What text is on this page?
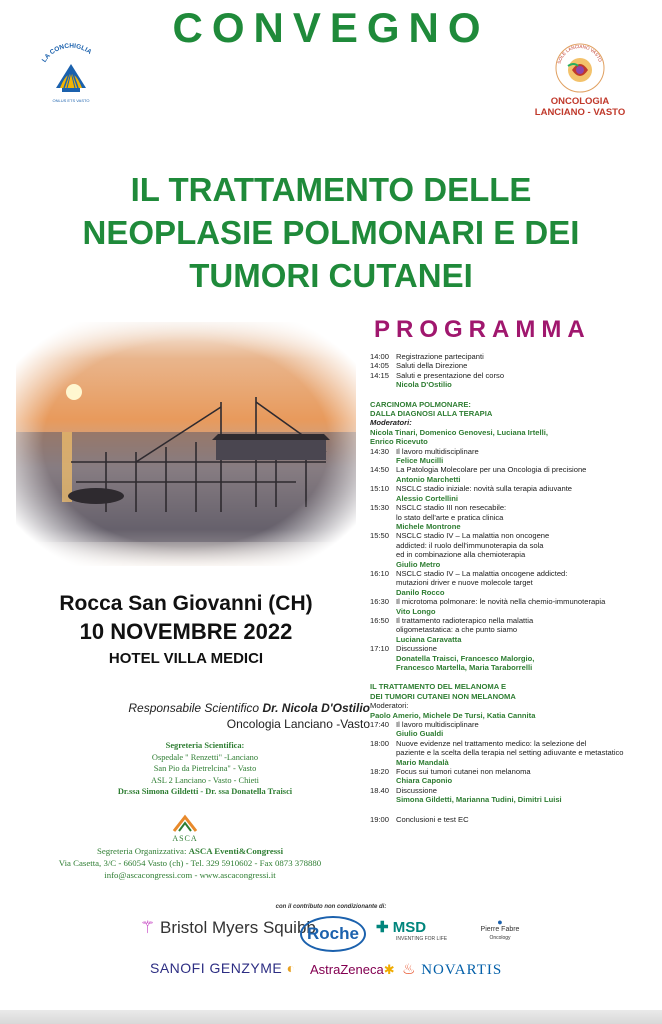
CONVEGNO
LA CONCHIGLIA
ONLUS ETS VASTO
SOLE LANCIANO VASTO
ONCOLOGIA
LANCIANO - VASTO
IL TRATTAMENTO DELLE
NEOPLASIE POLMONARI E DEI
TUMORI CUTANEI
Rocca San Giovanni (CH)
10 NOVEMBRE 2022
HOTEL VILLA MEDICI
Responsabile Scientifico Dr. Nicola D'Ostilio
Oncologia Lanciano -Vasto
Segreteria Scientifica:
Ospedale " Renzetti" -Lanciano
San Pio da Pietrelcina" - Vasto
ASL 2 Lanciano - Vasto - Chieti
Dr.ssa Simona Gildetti - Dr. ssa Donatella Traisci
ASCA
Segreteria Organizzativa: ASCA Eventi&Congressi
Via Casetta, 3/C - 66054 Vasto (ch) - Tel. 329 5910602 - Fax 0873 378880
info@ascacongressi.com - www.ascacongressi.it
PROGRAMMA
14:00 Registrazione partecipanti
14:05 Saluti della Direzione
14:15 Saluti e presentazione del corso
Nicola D'Ostilio
CARCINOMA POLMONARE:
DALLA DIAGNOSI ALLA TERAPIA
Moderatori:
Nicola Tinari, Domenico Genovesi, Luciana Irtelli,
Enrico Ricevuto
14:30 Il lavoro multidisciplinare
Felice Mucilli
14:50 La Patologia Molecolare per una Oncologia di precisione
Antonio Marchetti
15:10 NSCLC stadio iniziale: novità sulla terapia adiuvante
Alessio Cortellini
15:30 NSCLC stadio III non resecabile:
lo stato dell'arte e pratica clinica
Michele Montrone
15:50 NSCLC stadio IV – La malattia non oncogene
addicted: il ruolo dell'immunoterapia da sola
ed in combinazione alla chemioterapia
Giulio Metro
16:10 NSCLC stadio IV – La malattia oncogene addicted:
mutazioni driver e nuove molecole target
Danilo Rocco
16:30 Il microtoma polmonare: le novità nella chemio-immunoterapia
Vito Longo
16:50 Il trattamento radioterapico nella malattia
oligometastatica: a che punto siamo
Luciana Caravatta
17:10 Discussione
Donatella Traisci, Francesco Malorgio,
Francesco Martella, Maria Taraborrelli
IL TRATTAMENTO DEL MELANOMA E
DEI TUMORI CUTANEI NON MELANOMA
Moderatori:
Paolo Amerio, Michele De Tursi, Katia Cannita
17:40 Il lavoro multidisciplinare
Giulio Gualdi
18:00 Nuove evidenze nel trattamento medico: la selezione del
paziente e la scelta della terapia nel setting adiuvante e metastatico
Mario Mandalà
18:20 Focus sui tumori cutanei non melanoma
Chiara Caponio
18.40 Discussione
Simona Gildetti, Marianna Tudini, Dimitri Luisi
19:00 Conclusioni e test EC
con il contributo non condizionante di:
⚚ Bristol Myers Squibb
Roche	✚ MSD
INVENTING FOR LIFE
●
Pierre Fabre
Oncology
SANOFI GENZYME ◐ AstraZeneca✱ ♨ NOVARTIS
